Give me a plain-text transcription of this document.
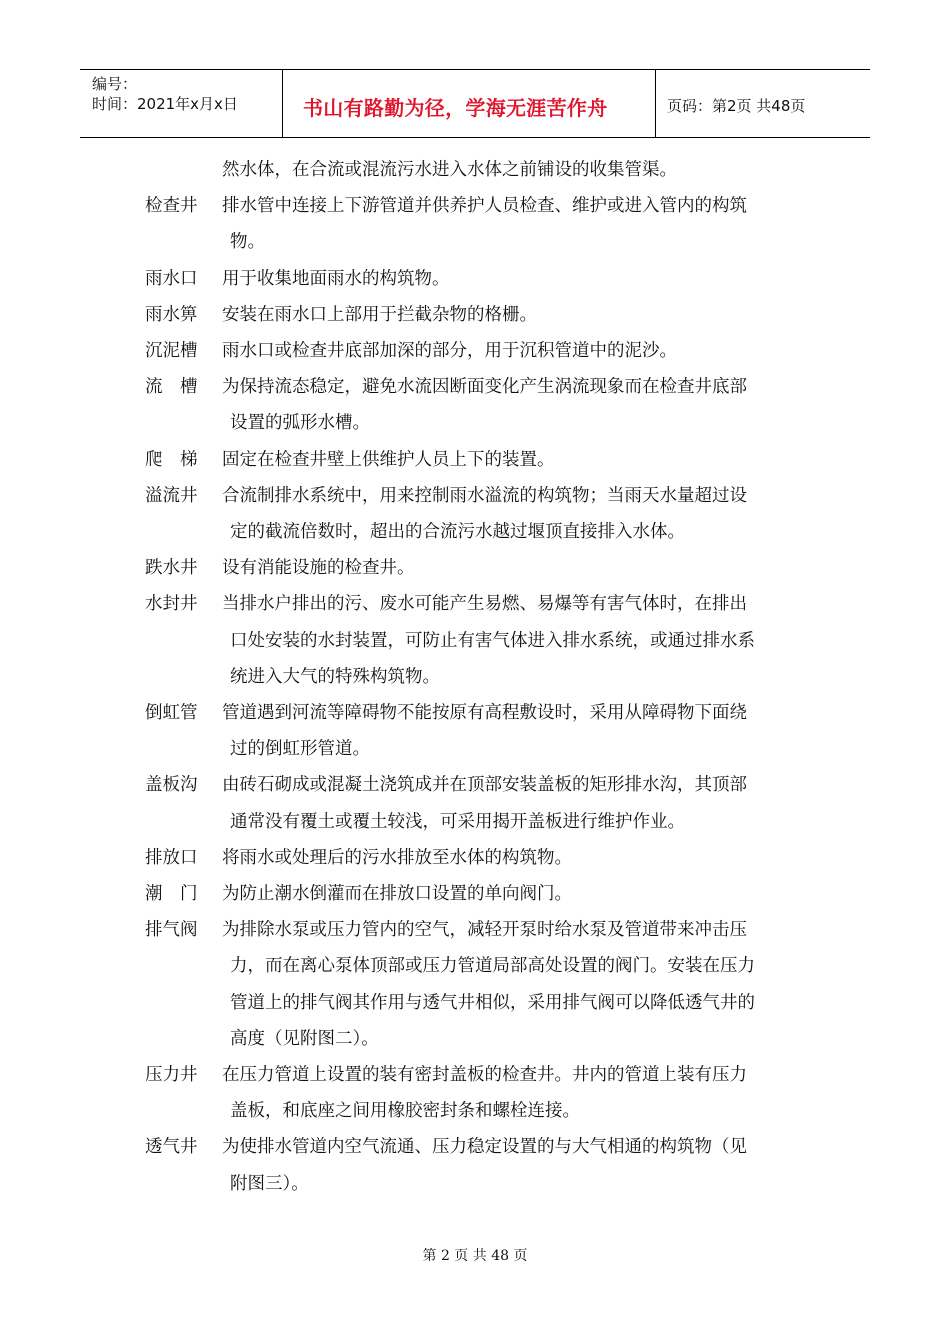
编号：
时间：2021年x月x日	书山有路勤为径，学海无涯苦作舟	页码：第2页 共48页
然水体，在合流或混流污水进入水体之前铺设的收集管渠。
检查井 排水管中连接上下游管道并供养护人员检查、维护或进入管内的构筑
物。
雨水口 用于收集地面雨水的构筑物。
雨水箅 安装在雨水口上部用于拦截杂物的格栅。
沉泥槽 雨水口或检查井底部加深的部分，用于沉积管道中的泥沙。
流　槽 为保持流态稳定，避免水流因断面变化产生涡流现象而在检查井底部
设置的弧形水槽。
爬　梯 固定在检查井壁上供维护人员上下的装置。
溢流井 合流制排水系统中，用来控制雨水溢流的构筑物；当雨天水量超过设
定的截流倍数时，超出的合流污水越过堰顶直接排入水体。
跌水井 设有消能设施的检查井。
水封井 当排水户排出的污、废水可能产生易燃、易爆等有害气体时，在排出
口处安装的水封装置，可防止有害气体进入排水系统，或通过排水系
统进入大气的特殊构筑物。
倒虹管 管道遇到河流等障碍物不能按原有高程敷设时，采用从障碍物下面绕
过的倒虹形管道。
盖板沟 由砖石砌成或混凝土浇筑成并在顶部安装盖板的矩形排水沟，其顶部
通常没有覆土或覆土较浅，可采用揭开盖板进行维护作业。
排放口 将雨水或处理后的污水排放至水体的构筑物。
潮　门 为防止潮水倒灌而在排放口设置的单向阀门。
排气阀 为排除水泵或压力管内的空气，减轻开泵时给水泵及管道带来冲击压
力，而在离心泵体顶部或压力管道局部高处设置的阀门。安装在压力
管道上的排气阀其作用与透气井相似，采用排气阀可以降低透气井的
高度（见附图二）。
压力井 在压力管道上设置的装有密封盖板的检查井。井内的管道上装有压力
盖板，和底座之间用橡胶密封条和螺栓连接。
透气井 为使排水管道内空气流通、压力稳定设置的与大气相通的构筑物（见
附图三）。
第 2 页 共 48 页
